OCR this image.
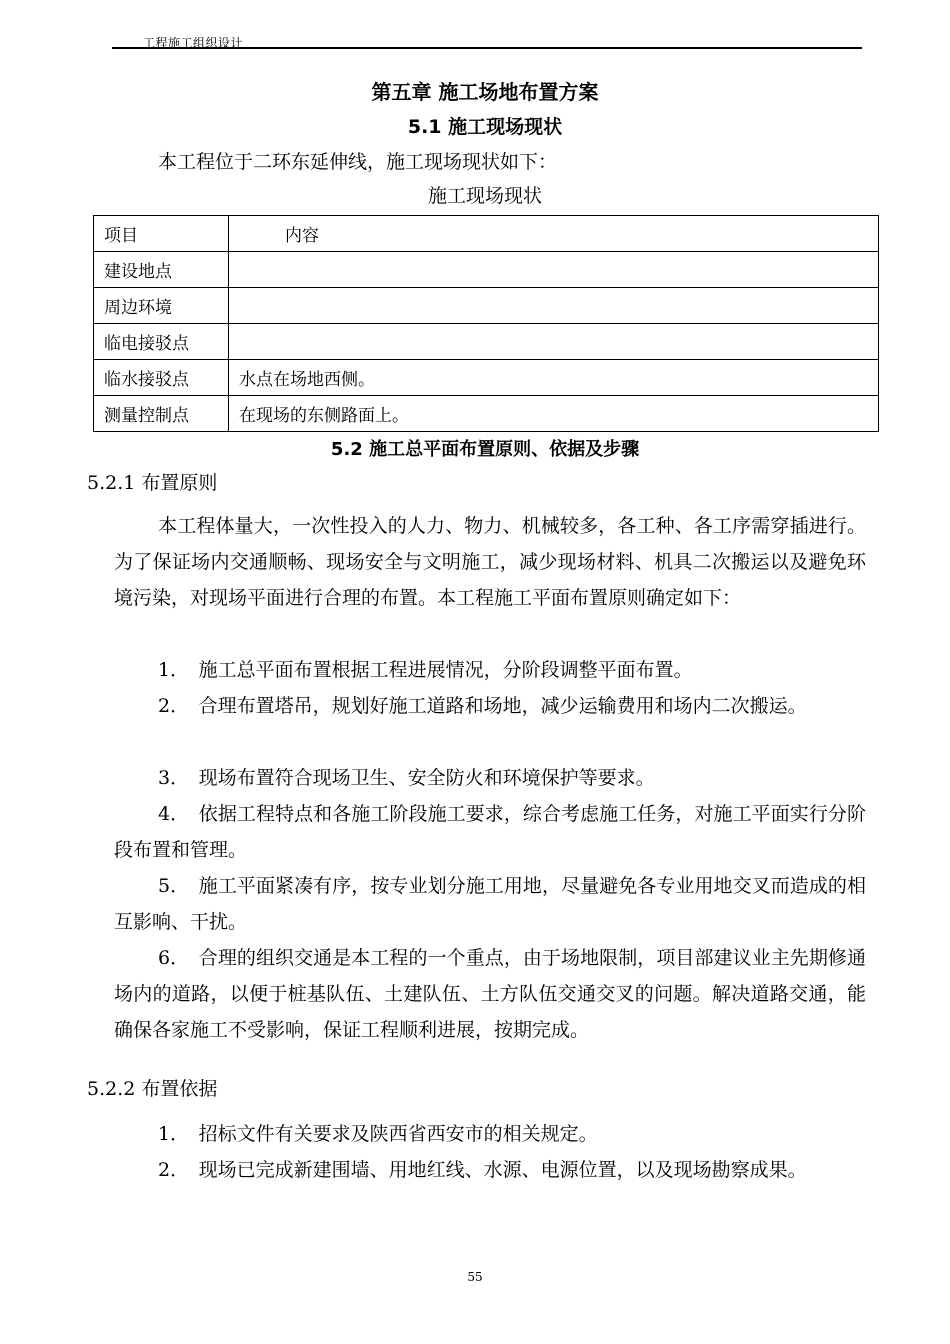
工程施工组织设计
第五章 施工场地布置方案
5.1 施工现场现状
本工程位于二环东延伸线，施工现场现状如下：
施工现场现状
项目	内容
建设地点	
周边环境	
临电接驳点	
临水接驳点	水点在场地西侧。
测量控制点	在现场的东侧路面上。
5.2 施工总平面布置原则、依据及步骤
5.2.1 布置原则
本工程体量大，一次性投入的人力、物力、机械较多，各工种、各工序需穿插进行。为了保证场内交通顺畅、现场安全与文明施工，减少现场材料、机具二次搬运以及避免环境污染，对现场平面进行合理的布置。本工程施工平面布置原则确定如下：
1．　施工总平面布置根据工程进展情况，分阶段调整平面布置。
2．　合理布置塔吊，规划好施工道路和场地，减少运输费用和场内二次搬运。
3．　现场布置符合现场卫生、安全防火和环境保护等要求。
4．　依据工程特点和各施工阶段施工要求，综合考虑施工任务，对施工平面实行分阶段布置和管理。
5．　施工平面紧凑有序，按专业划分施工用地，尽量避免各专业用地交叉而造成的相互影响、干扰。
6．　合理的组织交通是本工程的一个重点，由于场地限制，项目部建议业主先期修通场内的道路，以便于桩基队伍、土建队伍、土方队伍交通交叉的问题。解决道路交通，能确保各家施工不受影响，保证工程顺利进展，按期完成。
5.2.2 布置依据
1．　招标文件有关要求及陕西省西安市的相关规定。
2．　现场已完成新建围墙、用地红线、水源、电源位置，以及现场勘察成果。
55
